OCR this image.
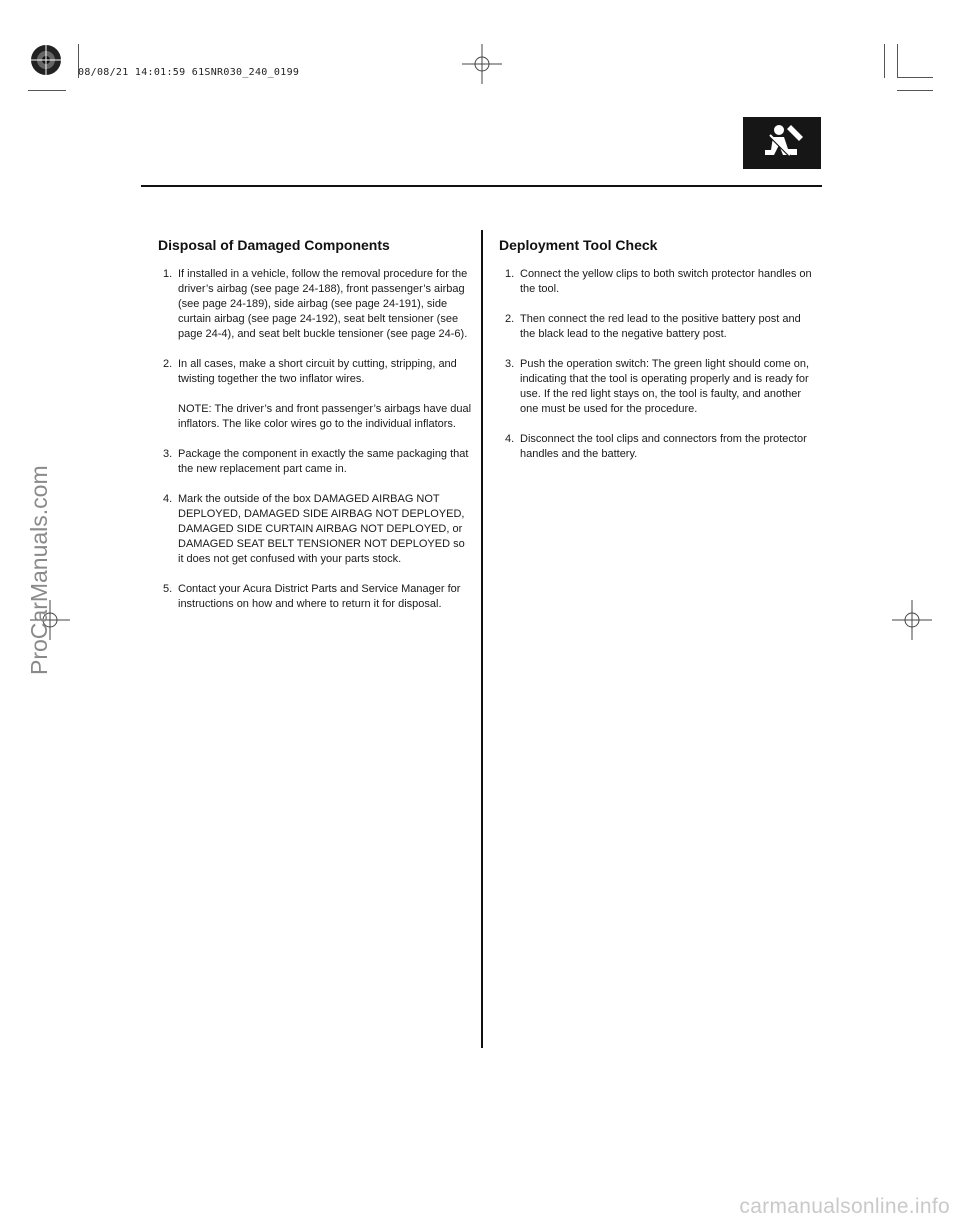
08/08/21 14:01:59 61SNR030_240_0199
Disposal of Damaged Components
1. If installed in a vehicle, follow the removal procedure for the driver’s airbag (see page 24-188), front passenger’s airbag (see page 24-189), side airbag (see page 24-191), side curtain airbag (see page 24-192), seat belt tensioner (see page 24-4), and seat belt buckle tensioner (see page 24-6).
2. In all cases, make a short circuit by cutting, stripping, and twisting together the two inflator wires.
NOTE: The driver’s and front passenger’s airbags have dual inflators. The like color wires go to the individual inflators.
3. Package the component in exactly the same packaging that the new replacement part came in.
4. Mark the outside of the box DAMAGED AIRBAG NOT DEPLOYED, DAMAGED SIDE AIRBAG NOT DEPLOYED, DAMAGED SIDE CURTAIN AIRBAG NOT DEPLOYED, or DAMAGED SEAT BELT TENSIONER NOT DEPLOYED so it does not get confused with your parts stock.
5. Contact your Acura District Parts and Service Manager for instructions on how and where to return it for disposal.
Deployment Tool Check
1. Connect the yellow clips to both switch protector handles on the tool.
2. Then connect the red lead to the positive battery post and the black lead to the negative battery post.
3. Push the operation switch: The green light should come on, indicating that the tool is operating properly and is ready for use. If the red light stays on, the tool is faulty, and another one must be used for the procedure.
4. Disconnect the tool clips and connectors from the protector handles and the battery.
ProCarManuals.com
carmanualsonline.info
